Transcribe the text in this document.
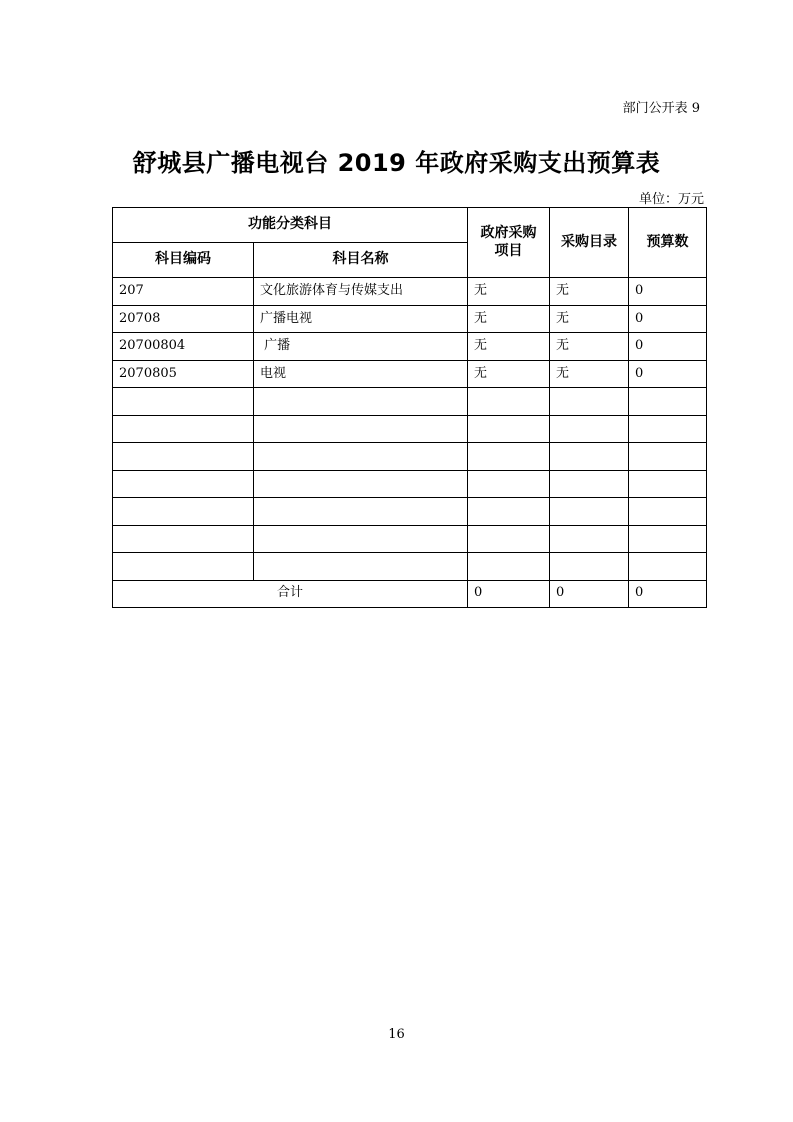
部门公开表 9
舒城县广播电视台 2019 年政府采购支出预算表
单位：万元
功能分类科目		政府采购项目	采购目录	预算数
科目编码	科目名称			
207	文化旅游体育与传媒支出	无	无	0
20708	广播电视	无	无	0
20700804	广播	无	无	0
2070805	电视	无	无	0

合计		0	0	0
16
